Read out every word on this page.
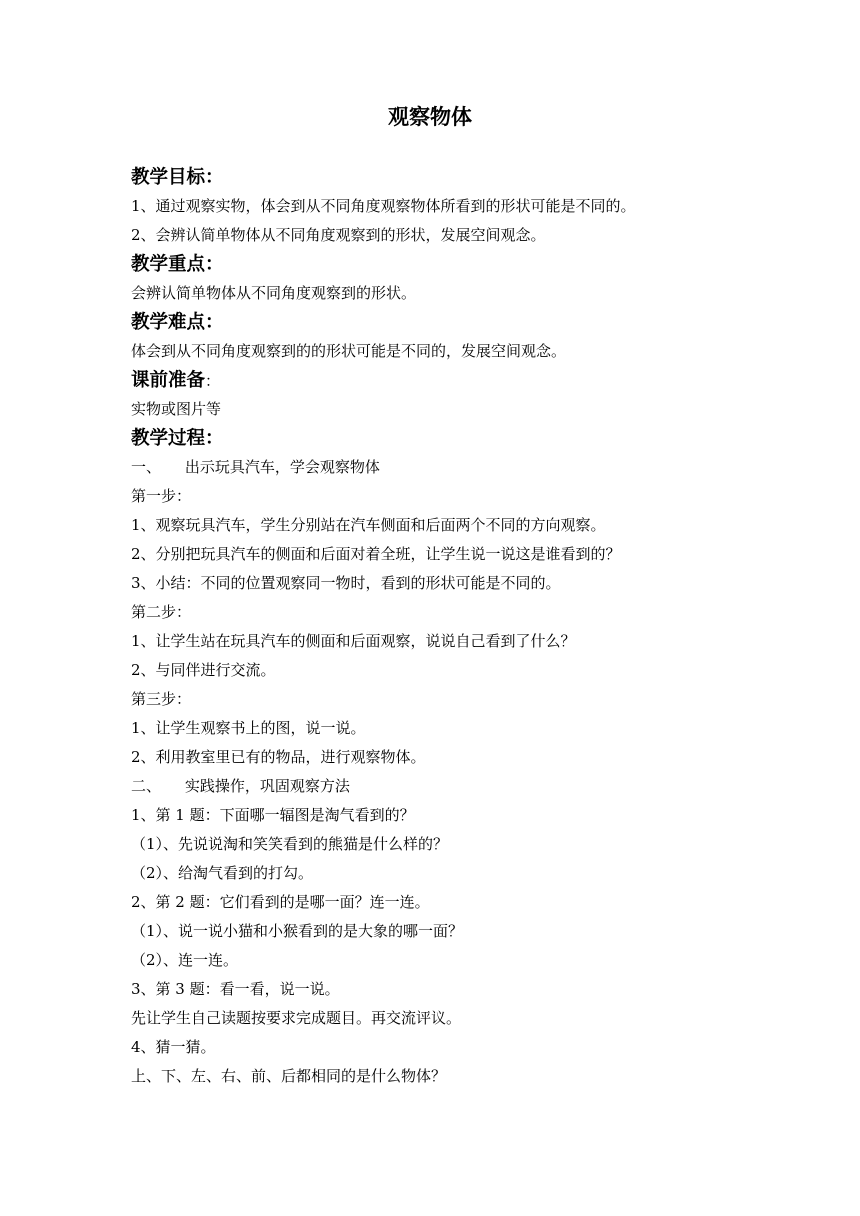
观察物体
教学目标：
1、通过观察实物，体会到从不同角度观察物体所看到的形状可能是不同的。
2、会辨认简单物体从不同角度观察到的形状，发展空间观念。
教学重点：
会辨认简单物体从不同角度观察到的形状。
教学难点：
体会到从不同角度观察到的的形状可能是不同的，发展空间观念。
课前准备：
实物或图片等
教学过程：
一、     出示玩具汽车，学会观察物体
第一步：
1、观察玩具汽车，学生分别站在汽车侧面和后面两个不同的方向观察。
2、分别把玩具汽车的侧面和后面对着全班，让学生说一说这是谁看到的？
3、小结：不同的位置观察同一物时，看到的形状可能是不同的。
第二步：
1、让学生站在玩具汽车的侧面和后面观察，说说自己看到了什么？
2、与同伴进行交流。
第三步：
1、让学生观察书上的图，说一说。
2、利用教室里已有的物品，进行观察物体。
二、     实践操作，巩固观察方法
1、第 1 题：下面哪一辐图是淘气看到的？
（1）、先说说淘和笑笑看到的熊猫是什么样的？
（2）、给淘气看到的打勾。
2、第 2 题：它们看到的是哪一面？连一连。
（1）、说一说小猫和小猴看到的是大象的哪一面？
（2）、连一连。
3、第 3 题：看一看，说一说。
先让学生自己读题按要求完成题目。再交流评议。
4、猜一猜。
上、下、左、右、前、后都相同的是什么物体？
